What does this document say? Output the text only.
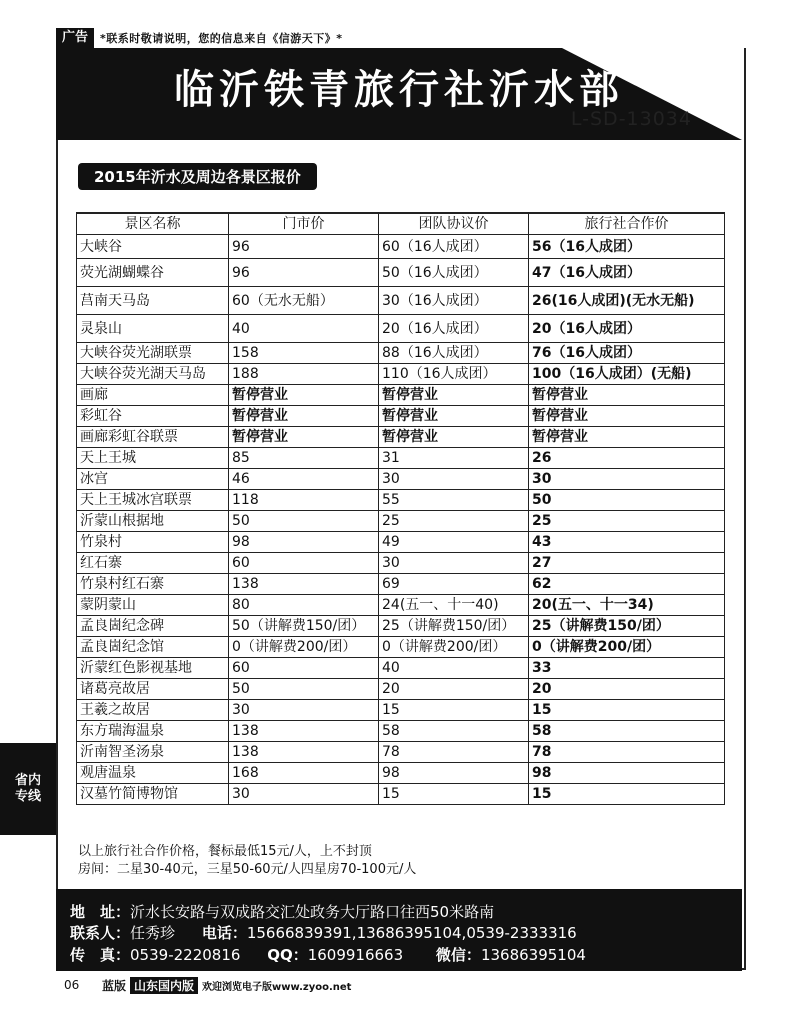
广告	*联系时敬请说明，您的信息来自《信游天下》*
临沂铁青旅行社沂水部
L-SD-13034
2015年沂水及周边各景区报价
景区名称	门市价	团队协议价	旅行社合作价
大峡谷	96	60（16人成团）	56（16人成团）
荧光湖蝴蝶谷	96	50（16人成团）	47（16人成团）
莒南天马岛	60（无水无船）	30（16人成团）	26(16人成团)(无水无船)
灵泉山	40	20（16人成团）	20（16人成团）
大峡谷荧光湖联票	158	88（16人成团）	76（16人成团）
大峡谷荧光湖天马岛	188	110（16人成团）	100（16人成团）(无船)
画廊	暂停营业	暂停营业	暂停营业
彩虹谷	暂停营业	暂停营业	暂停营业
画廊彩虹谷联票	暂停营业	暂停营业	暂停营业
天上王城	85	31	26
冰宫	46	30	30
天上王城冰宫联票	118	55	50
沂蒙山根据地	50	25	25
竹泉村	98	49	43
红石寨	60	30	27
竹泉村红石寨	138	69	62
蒙阴蒙山	80	24(五一、十一40)	20(五一、十一34)
孟良崮纪念碑	50（讲解费150/团）	25（讲解费150/团）	25（讲解费150/团）
孟良崮纪念馆	0（讲解费200/团）	0（讲解费200/团）	0（讲解费200/团）
沂蒙红色影视基地	60	40	33
诸葛亮故居	50	20	20
王羲之故居	30	15	15
东方瑞海温泉	138	58	58
沂南智圣汤泉	138	78	78
观唐温泉	168	98	98
汉墓竹简博物馆	30	15	15
以上旅行社合作价格，餐标最低15元/人，上不封顶
房间：二星30-40元，三星50-60元/人四星房70-100元/人
地　址：沂水长安路与双成路交汇处政务大厅路口往西50米路南
联系人：任秀珍 电话：15666839391,13686395104,0539-2333316
传　真：0539-2220816 QQ：1609916663 微信：13686395104
06	蓝版 山东国内版 欢迎浏览电子版www.zyoo.net
省内
专线
